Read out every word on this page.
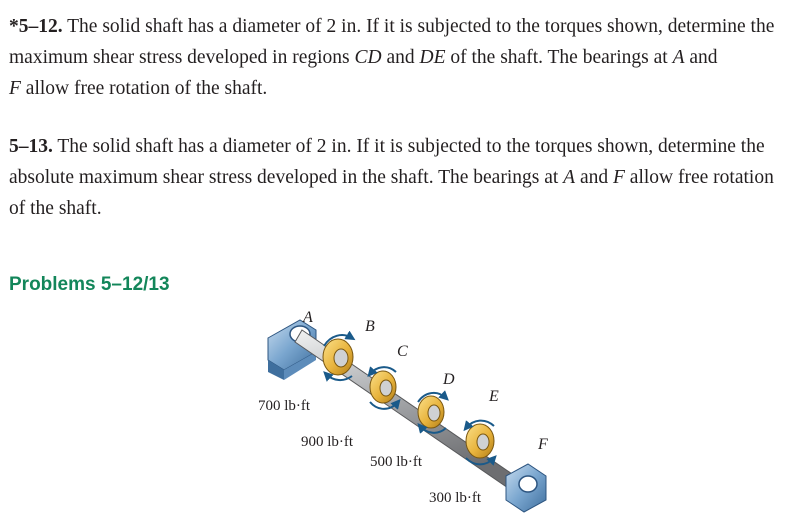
*5–12. The solid shaft has a diameter of 2 in. If it is subjected to the torques shown, determine the maximum shear stress developed in regions CD and DE of the shaft. The bearings at A and
F allow free rotation of the shaft.

5–13. The solid shaft has a diameter of 2 in. If it is subjected to the torques shown, determine the absolute maximum shear stress developed in the shaft. The bearings at A and F allow free rotation of the shaft.

Problems 5–12/13
A
B
C
D
E
F
700 lb·ft
900 lb·ft
500 lb·ft
300 lb·ft
